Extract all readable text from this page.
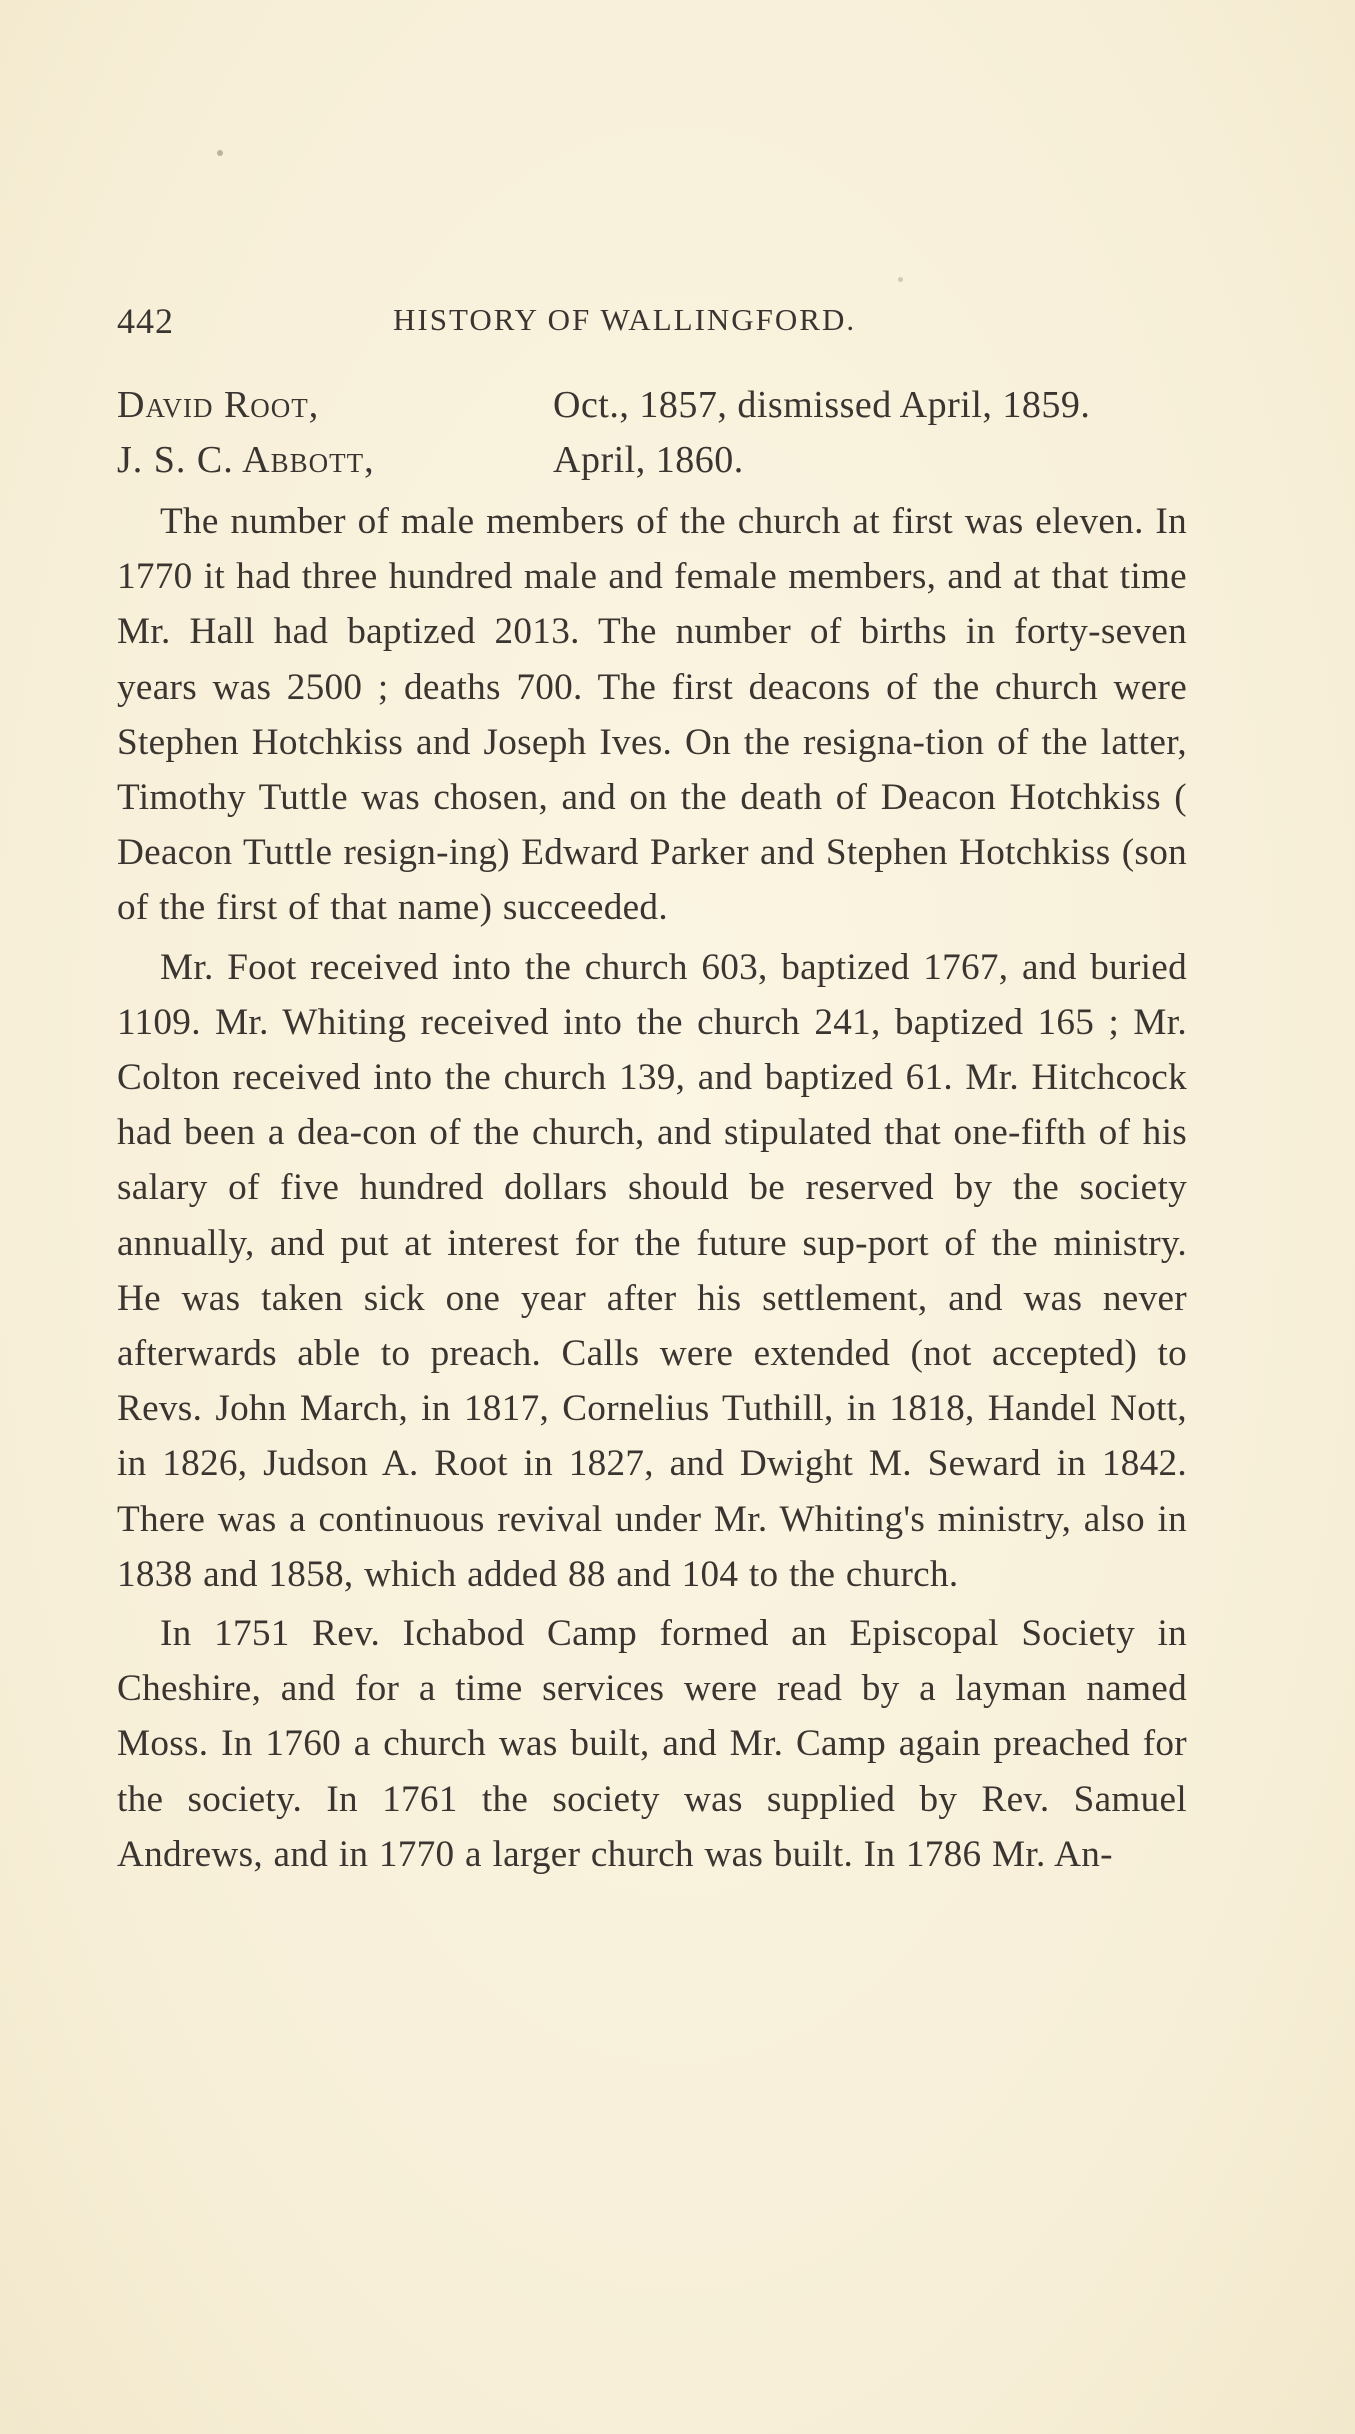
442	HISTORY OF WALLINGFORD.
David Root,	Oct., 1857, dismissed April, 1859.
J. S. C. Abbott,	April, 1860.

The number of male members of the church at first was eleven. In 1770 it had three hundred male and female members, and at that time Mr. Hall had baptized 2013. The number of births in forty-seven years was 2500 ; deaths 700. The first deacons of the church were Stephen Hotchkiss and Joseph Ives. On the resigna-tion of the latter, Timothy Tuttle was chosen, and on the death of Deacon Hotchkiss ( Deacon Tuttle resign-ing) Edward Parker and Stephen Hotchkiss (son of the first of that name) succeeded.

Mr. Foot received into the church 603, baptized 1767, and buried 1109. Mr. Whiting received into the church 241, baptized 165 ; Mr. Colton received into the church 139, and baptized 61. Mr. Hitchcock had been a dea-con of the church, and stipulated that one-fifth of his salary of five hundred dollars should be reserved by the society annually, and put at interest for the future sup-port of the ministry. He was taken sick one year after his settlement, and was never afterwards able to preach. Calls were extended (not accepted) to Revs. John March, in 1817, Cornelius Tuthill, in 1818, Handel Nott, in 1826, Judson A. Root in 1827, and Dwight M. Seward in 1842. There was a continuous revival under Mr. Whiting's ministry, also in 1838 and 1858, which added 88 and 104 to the church.

In 1751 Rev. Ichabod Camp formed an Episcopal Society in Cheshire, and for a time services were read by a layman named Moss. In 1760 a church was built, and Mr. Camp again preached for the society. In 1761 the society was supplied by Rev. Samuel Andrews, and in 1770 a larger church was built. In 1786 Mr. An-
